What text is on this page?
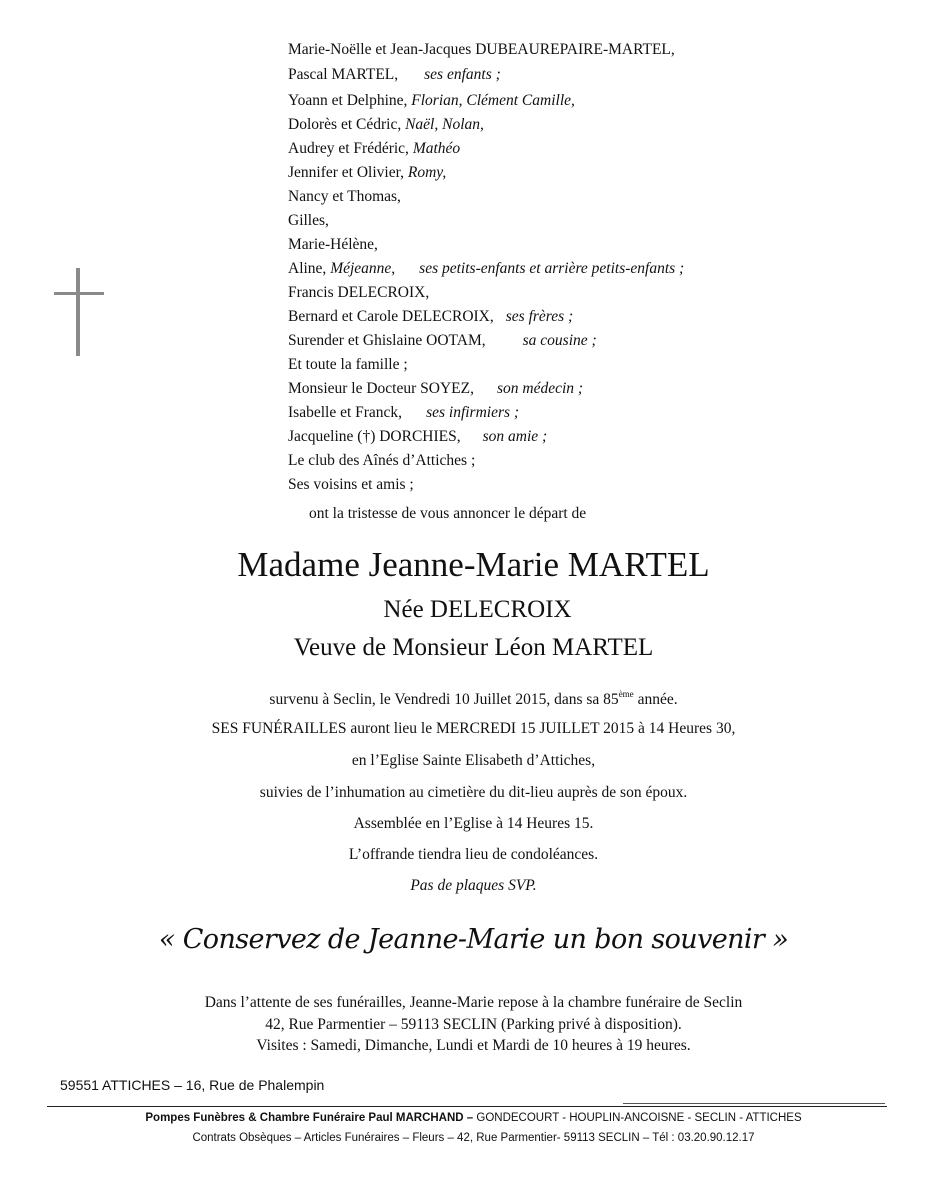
Marie-Noëlle et Jean-Jacques DUBEAUREPAIRE-MARTEL,
Pascal MARTEL, ses enfants ;
Yoann et Delphine, Florian, Clément Camille,
Dolorès et Cédric, Naël, Nolan,
Audrey et Frédéric, Mathéo
Jennifer et Olivier, Romy,
Nancy et Thomas,
Gilles,
Marie-Hélène,
Aline, Méjeanne, ses petits-enfants et arrière petits-enfants ;
Francis DELECROIX,
Bernard et Carole DELECROIX, ses frères ;
Surender et Ghislaine OOTAM, sa cousine ;
Et toute la famille ;
Monsieur le Docteur SOYEZ, son médecin ;
Isabelle et Franck, ses infirmiers ;
Jacqueline (†) DORCHIES, son amie ;
Le club des Aînés d’Attiches ;
Ses voisins et amis ;
ont la tristesse de vous annoncer le départ de
Madame Jeanne-Marie MARTEL
Née DELECROIX
Veuve de Monsieur Léon MARTEL
survenu à Seclin, le Vendredi 10 Juillet 2015, dans sa 85ème année.
SES FUNÉRAILLES auront lieu le MERCREDI 15 JUILLET 2015 à 14 Heures 30,
en l’Eglise Sainte Elisabeth d’Attiches,
suivies de l’inhumation au cimetière du dit-lieu auprès de son époux.
Assemblée en l’Eglise à 14 Heures 15.
L’offrande tiendra lieu de condoléances.
Pas de plaques SVP.
« Conservez de Jeanne-Marie un bon souvenir »
Dans l’attente de ses funérailles, Jeanne-Marie repose à la chambre funéraire de Seclin
42, Rue Parmentier – 59113 SECLIN (Parking privé à disposition).
Visites : Samedi, Dimanche, Lundi et Mardi de 10 heures à 19 heures.
59551 ATTICHES – 16, Rue de Phalempin
Pompes Funèbres & Chambre Funéraire Paul MARCHAND – GONDECOURT - HOUPLIN-ANCOISNE - SECLIN - ATTICHES
Contrats Obsèques – Articles Funéraires – Fleurs – 42, Rue Parmentier- 59113 SECLIN – Tél : 03.20.90.12.17
